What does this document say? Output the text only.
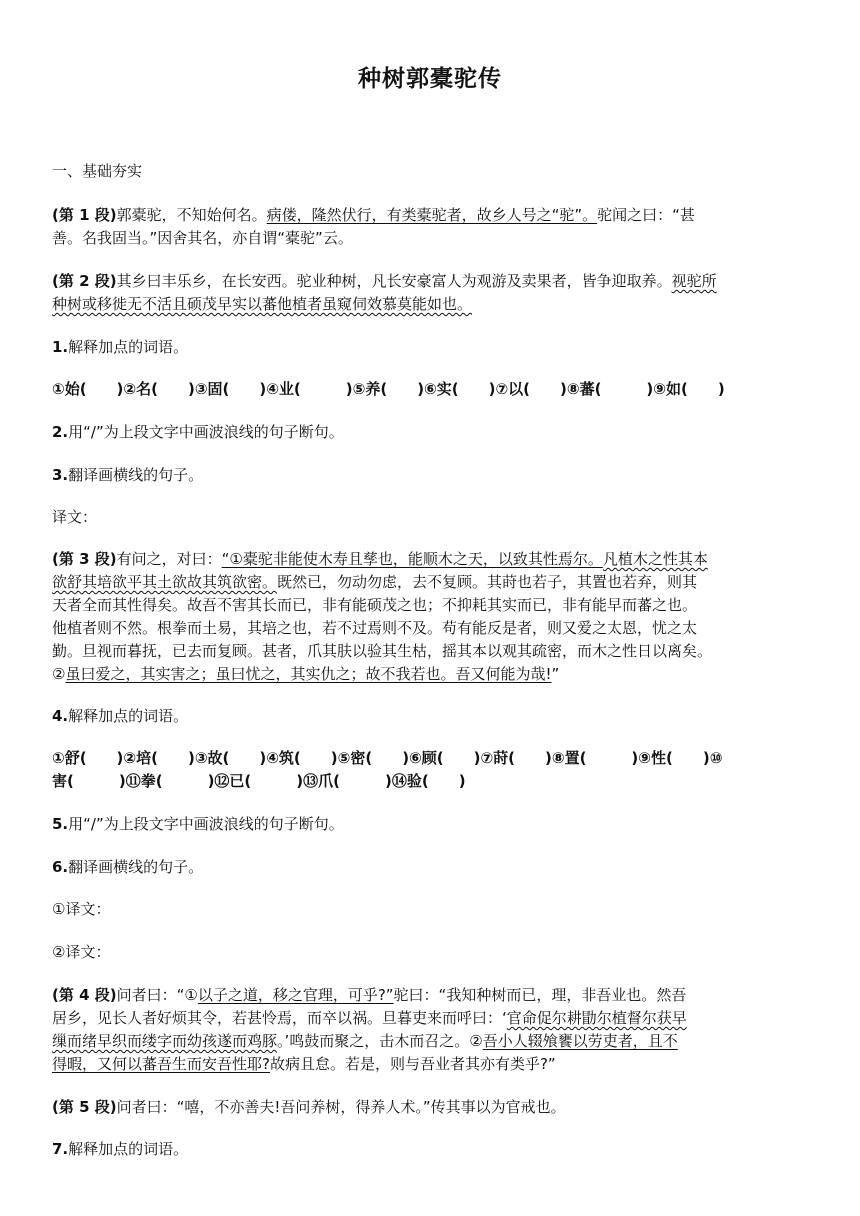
种树郭橐驼传
一、基础夯实
(第 1 段)郭橐驼，不知始何名。病偻，隆然伏行，有类橐驼者，故乡人号之“驼”。驼闻之曰：“甚
善。名我固当。”因舍其名，亦自谓“橐驼”云。
(第 2 段)其乡曰丰乐乡，在长安西。驼业种树，凡长安豪富人为观游及卖果者，皆争迎取养。视驼所
种树或移徙无不活且硕茂早实以蕃他植者虽窥伺效慕莫能如也。
1.解释加点的词语。
①始(　　)②名(　　)③固(　　)④业(　　　)⑤养(　　)⑥实(　　)⑦以(　　)⑧蕃(　　　)⑨如(　　)
2.用“/”为上段文字中画波浪线的句子断句。
3.翻译画横线的句子。
译文：
(第 3 段)有问之，对曰：“①橐驼非能使木寿且孳也，能顺木之天，以致其性焉尔。凡植木之性其本
欲舒其培欲平其土欲故其筑欲密。既然已，勿动勿虑，去不复顾。其莳也若子，其置也若弃，则其
天者全而其性得矣。故吾不害其长而已，非有能硕茂之也；不抑耗其实而已，非有能早而蕃之也。
他植者则不然。根拳而土易，其培之也，若不过焉则不及。苟有能反是者，则又爱之太恩，忧之太
勤。旦视而暮抚，已去而复顾。甚者，爪其肤以验其生枯，摇其本以观其疏密，而木之性日以离矣。
②虽曰爱之，其实害之；虽曰忧之，其实仇之；故不我若也。吾又何能为哉!”
4.解释加点的词语。
①舒(　　)②培(　　)③故(　　)④筑(　　)⑤密(　　)⑥顾(　　)⑦莳(　　)⑧置(　　　)⑨性(　　)⑩
害(　　　)⑪拳(　　　)⑫已(　　　)⑬爪(　　　)⑭验(　　)
5.用“/”为上段文字中画波浪线的句子断句。
6.翻译画横线的句子。
①译文：
②译文：
(第 4 段)问者曰：“①以子之道，移之官理，可乎?”驼曰：“我知种树而已，理，非吾业也。然吾
居乡，见长人者好烦其令，若甚怜焉，而卒以祸。旦暮吏来而呼曰：‘官命促尔耕勖尔植督尔获早
缫而绪早织而缕字而幼孩遂而鸡豚。’鸣鼓而聚之，击木而召之。②吾小人辍飧饔以劳吏者，且不
得暇，又何以蕃吾生而安吾性耶?故病且怠。若是，则与吾业者其亦有类乎?”
(第 5 段)问者曰：“嘻，不亦善夫!吾问养树，得养人术。”传其事以为官戒也。
7.解释加点的词语。
